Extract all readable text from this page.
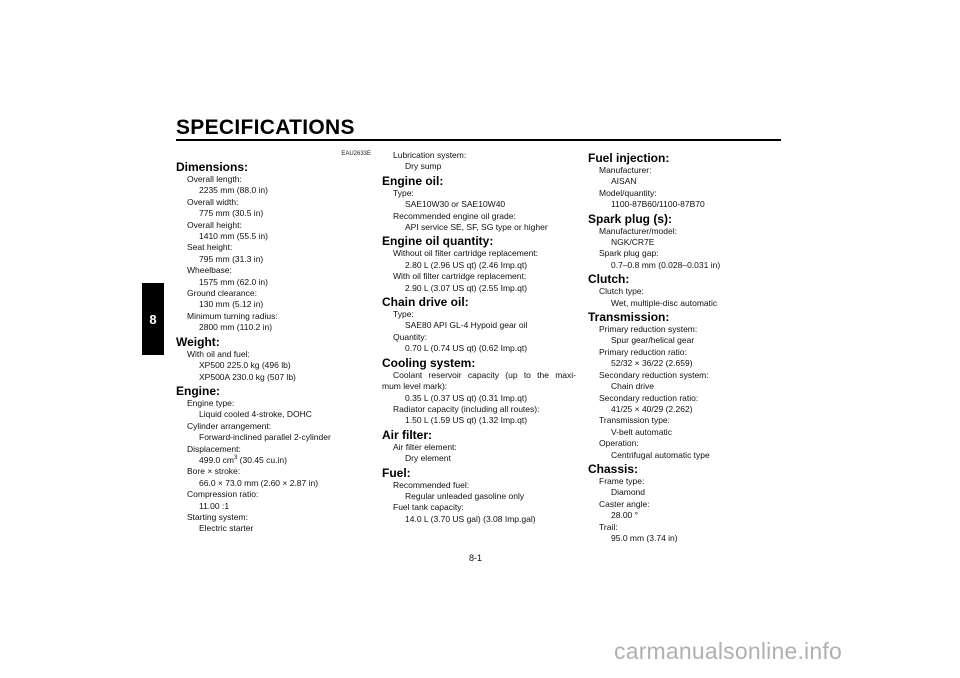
SPECIFICATIONS
8
EAU2633E
Dimensions:
Overall length:
2235 mm (88.0 in)
Overall width:
775 mm (30.5 in)
Overall height:
1410 mm (55.5 in)
Seat height:
795 mm (31.3 in)
Wheelbase:
1575 mm (62.0 in)
Ground clearance:
130 mm (5.12 in)
Minimum turning radius:
2800 mm (110.2 in)
Weight:
With oil and fuel:
XP500 225.0 kg (496 lb)
XP500A 230.0 kg (507 lb)
Engine:
Engine type:
Liquid cooled 4-stroke, DOHC
Cylinder arrangement:
Forward-inclined parallel 2-cylinder
Displacement:
499.0 $cm^3$ (30.45 cu.in)
Bore × stroke:
66.0 × 73.0 mm (2.60 × 2.87 in)
Compression ratio:
11.00 :1
Starting system:
Electric starter
Lubrication system:
Dry sump
Engine oil:
Type:
SAE10W30 or SAE10W40
Recommended engine oil grade:
API service SE, SF, SG type or higher
Engine oil quantity:
Without oil filter cartridge replacement:
2.80 L (2.96 US qt) (2.46 Imp.qt)
With oil filter cartridge replacement:
2.90 L (3.07 US qt) (2.55 Imp.qt)
Chain drive oil:
Type:
SAE80 API GL-4 Hypoid gear oil
Quantity:
0.70 L (0.74 US qt) (0.62 Imp.qt)
Cooling system:
Coolant reservoir capacity (up to the maxi-
mum level mark):
0.35 L (0.37 US qt) (0.31 Imp.qt)
Radiator capacity (including all routes):
1.50 L (1.59 US qt) (1.32 Imp.qt)
Air filter:
Air filter element:
Dry element
Fuel:
Recommended fuel:
Regular unleaded gasoline only
Fuel tank capacity:
14.0 L (3.70 US gal) (3.08 Imp.gal)
Fuel injection:
Manufacturer:
AISAN
Model/quantity:
1100-87B60/1100-87B70
Spark plug (s):
Manufacturer/model:
NGK/CR7E
Spark plug gap:
0.7–0.8 mm (0.028–0.031 in)
Clutch:
Clutch type:
Wet, multiple-disc automatic
Transmission:
Primary reduction system:
Spur gear/helical gear
Primary reduction ratio:
52/32 × 36/22 (2.659)
Secondary reduction system:
Chain drive
Secondary reduction ratio:
41/25 × 40/29 (2.262)
Transmission type:
V-belt automatic
Operation:
Centrifugal automatic type
Chassis:
Frame type:
Diamond
Caster angle:
28.00 °
Trail:
95.0 mm (3.74 in)
8-1
carmanualsonline.info
